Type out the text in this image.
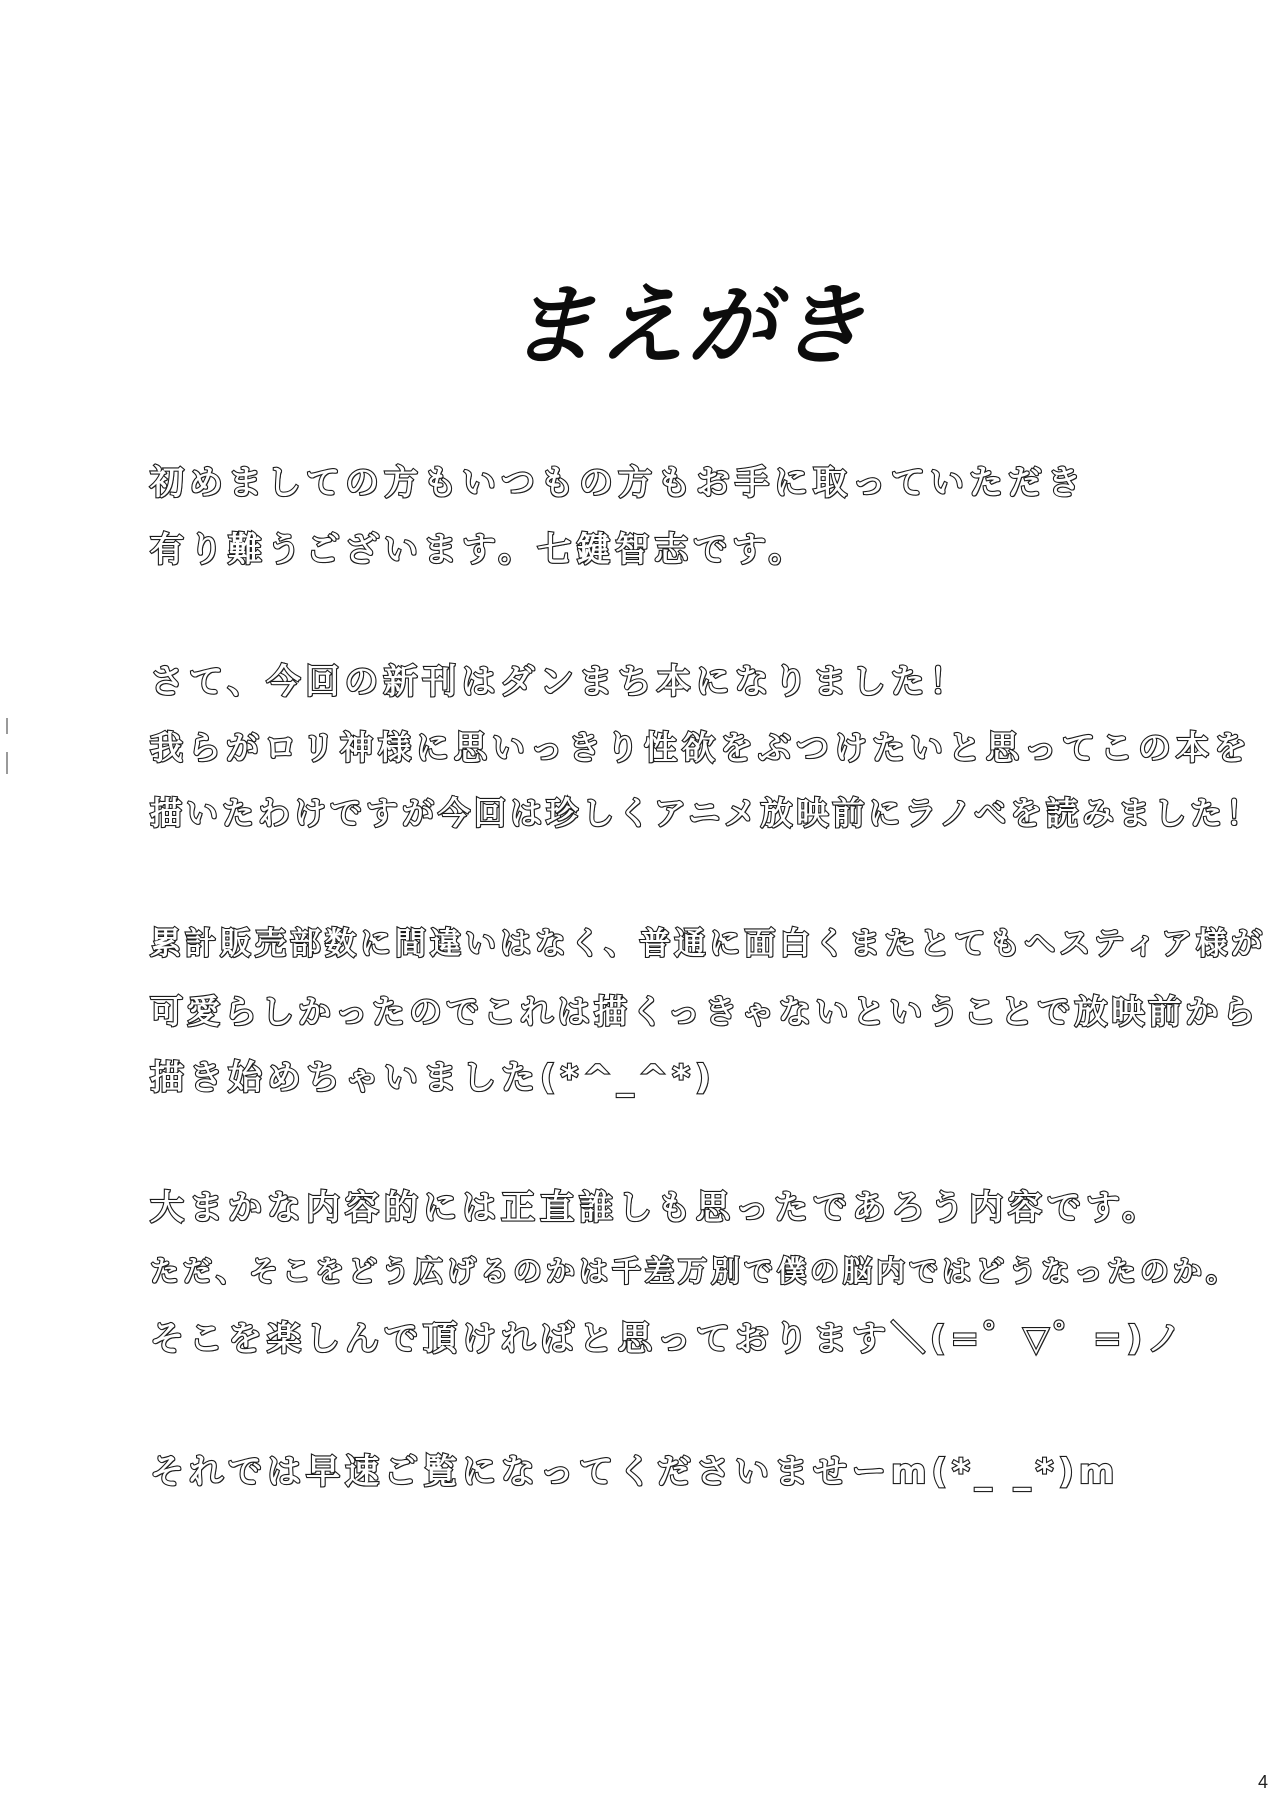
まえがき
初めましての方もいつもの方もお手に取っていただき
有り難うございます。七鍵智志です。
さて、今回の新刊はダンまち本になりました！
我らがロリ神様に思いっきり性欲をぶつけたいと思ってこの本を
描いたわけですが今回は珍しくアニメ放映前にラノベを読みました！
累計販売部数に間違いはなく、普通に面白くまたとてもヘスティア様が
可愛らしかったのでこれは描くっきゃないということで放映前から
描き始めちゃいました(*^_^*)
大まかな内容的には正直誰しも思ったであろう内容です。
ただ、そこをどう広げるのかは千差万別で僕の脳内ではどうなったのか。
そこを楽しんで頂ければと思っております＼(=゜▽゜=)ノ
それでは早速ご覧になってくださいませーm(*_ _*)m
4
